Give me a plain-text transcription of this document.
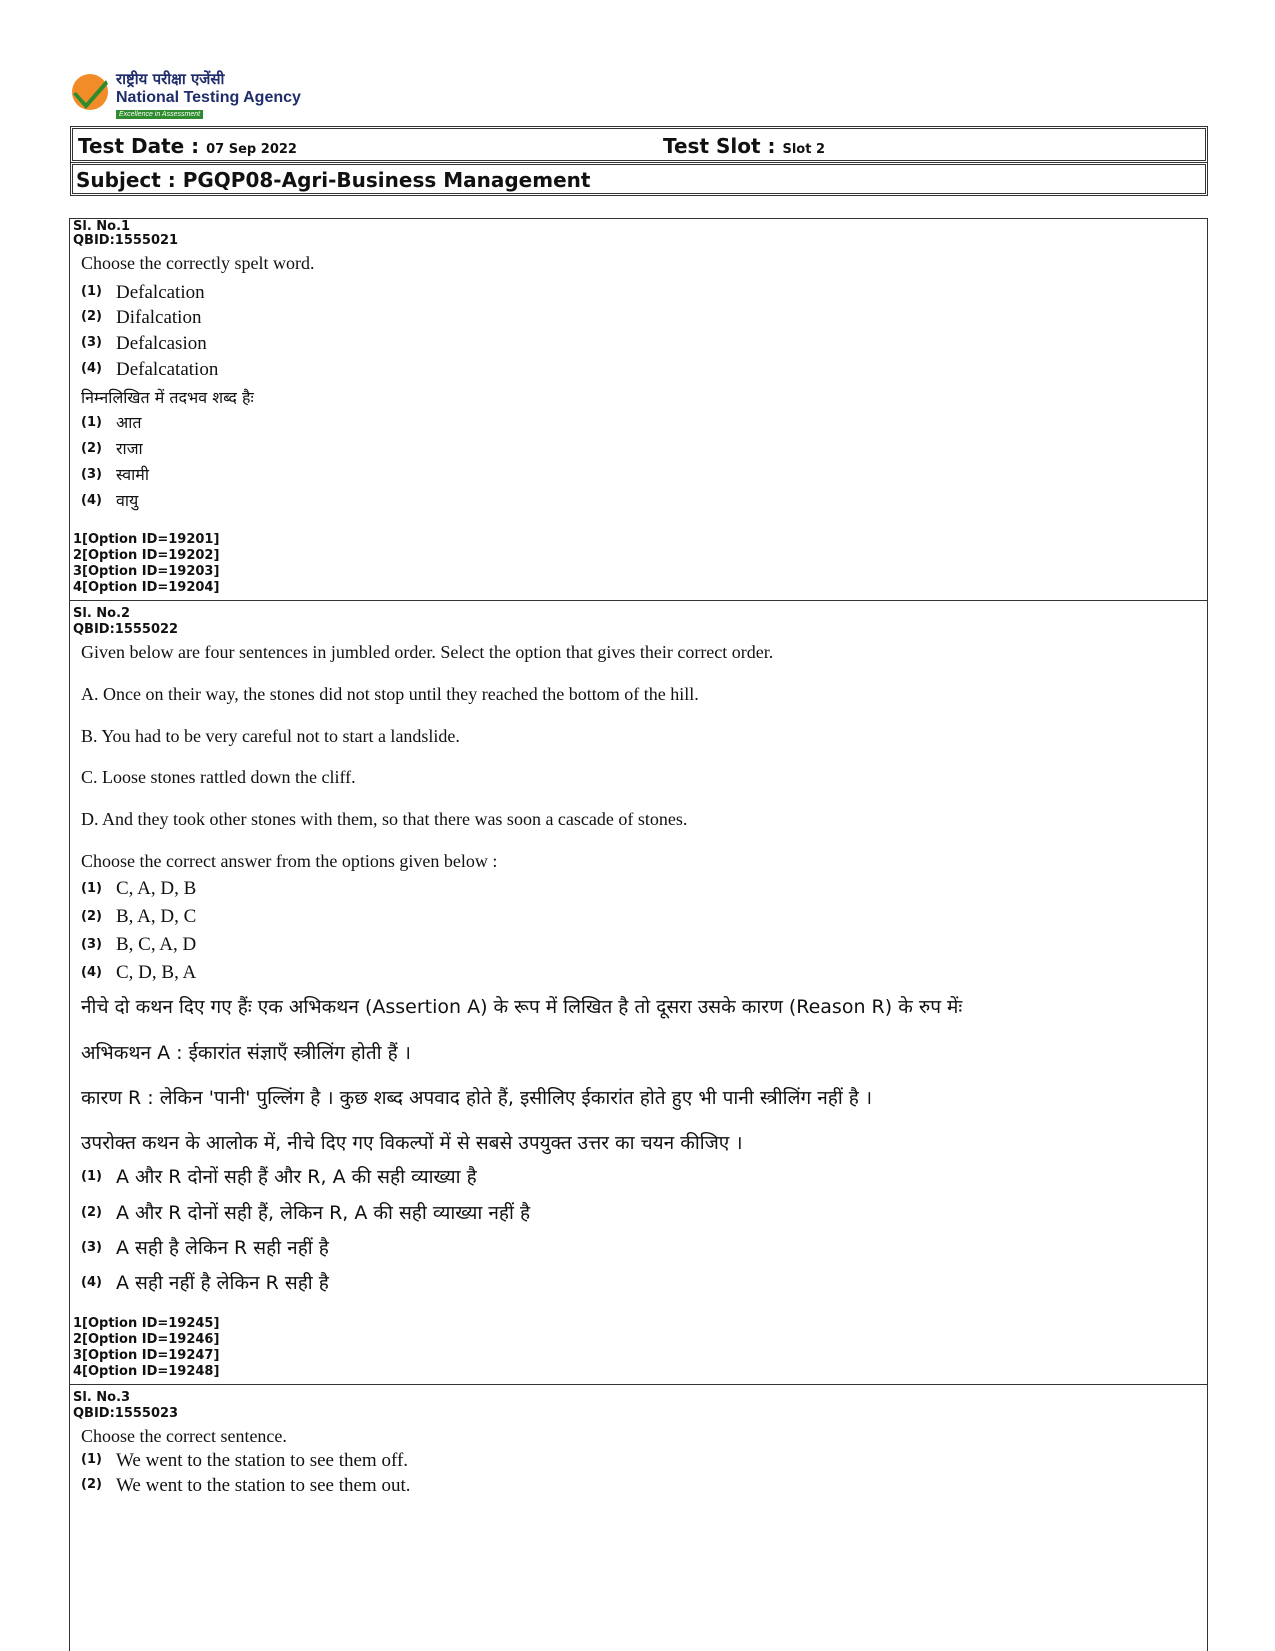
राष्ट्रीय परीक्षा एजेंसी
National Testing Agency
Excellence in Assessment
Test Date : 07 Sep 2022	Test Slot : Slot 2
Subject : PGQP08-Agri-Business Management
Sl. No.1
QBID:1555021
Choose the correctly spelt word.
(1) Defalcation
(2) Difalcation
(3) Defalcasion
(4) Defalcatation
निम्नलिखित में तदभव शब्द हैः
(1) आत
(2) राजा
(3) स्वामी
(4) वायु
1[Option ID=19201]
2[Option ID=19202]
3[Option ID=19203]
4[Option ID=19204]
Sl. No.2
QBID:1555022
Given below are four sentences in jumbled order. Select the option that gives their correct order.
A. Once on their way, the stones did not stop until they reached the bottom of the hill.
B. You had to be very careful not to start a landslide.
C. Loose stones rattled down the cliff.
D. And they took other stones with them, so that there was soon a cascade of stones.
Choose the correct answer from the options given below :
(1) C, A, D, B
(2) B, A, D, C
(3) B, C, A, D
(4) C, D, B, A
नीचे दो कथन दिए गए हैंः एक अभिकथन (Assertion A) के रूप में लिखित है तो दूसरा उसके कारण (Reason R) के रुप मेंः
अभिकथन A : ईकारांत संज्ञाएँ स्त्रीलिंग होती हैं ।
कारण R : लेकिन 'पानी' पुल्लिंग है । कुछ शब्द अपवाद होते हैं, इसीलिए ईकारांत होते हुए भी पानी स्त्रीलिंग नहीं है ।
उपरोक्त कथन के आलोक में, नीचे दिए गए विकल्पों में से सबसे उपयुक्त उत्तर का चयन कीजिए ।
(1) A और R दोनों सही हैं और R, A की सही व्याख्या है
(2) A और R दोनों सही हैं, लेकिन R, A की सही व्याख्या नहीं है
(3) A सही है लेकिन R सही नहीं है
(4) A सही नहीं है लेकिन R सही है
1[Option ID=19245]
2[Option ID=19246]
3[Option ID=19247]
4[Option ID=19248]
Sl. No.3
QBID:1555023
Choose the correct sentence.
(1) We went to the station to see them off.
(2) We went to the station to see them out.
